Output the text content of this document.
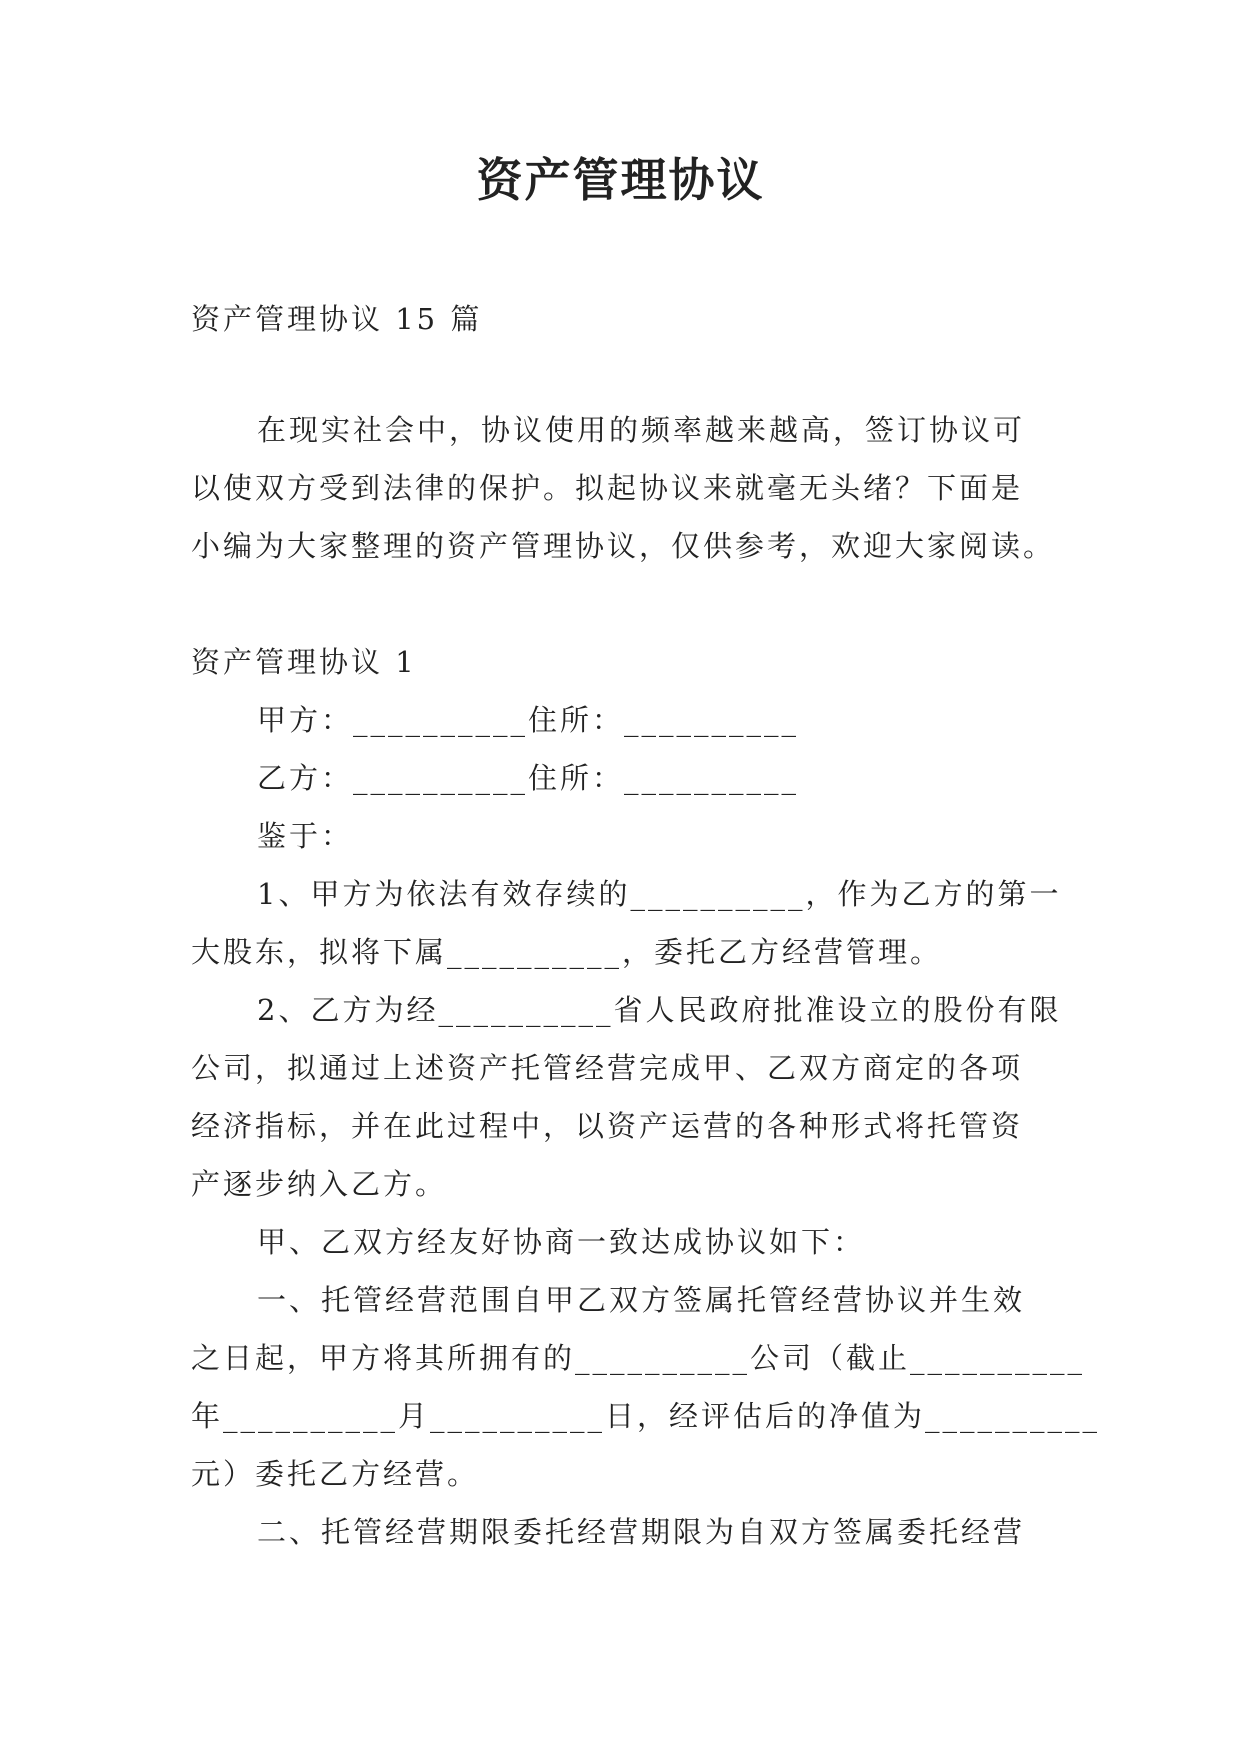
资产管理协议
资产管理协议 15 篇
在现实社会中，协议使用的频率越来越高，签订协议可
以使双方受到法律的保护。拟起协议来就毫无头绪？下面是
小编为大家整理的资产管理协议，仅供参考，欢迎大家阅读。
资产管理协议 1
甲方：__________住所：__________
乙方：__________住所：__________
鉴于：
1、甲方为依法有效存续的__________，作为乙方的第一
大股东，拟将下属__________，委托乙方经营管理。
2、乙方为经__________省人民政府批准设立的股份有限
公司，拟通过上述资产托管经营完成甲、乙双方商定的各项
经济指标，并在此过程中，以资产运营的各种形式将托管资
产逐步纳入乙方。
甲、乙双方经友好协商一致达成协议如下：
一、托管经营范围自甲乙双方签属托管经营协议并生效
之日起，甲方将其所拥有的__________公司（截止__________
年__________月__________日，经评估后的净值为__________
元）委托乙方经营。
二、托管经营期限委托经营期限为自双方签属委托经营
